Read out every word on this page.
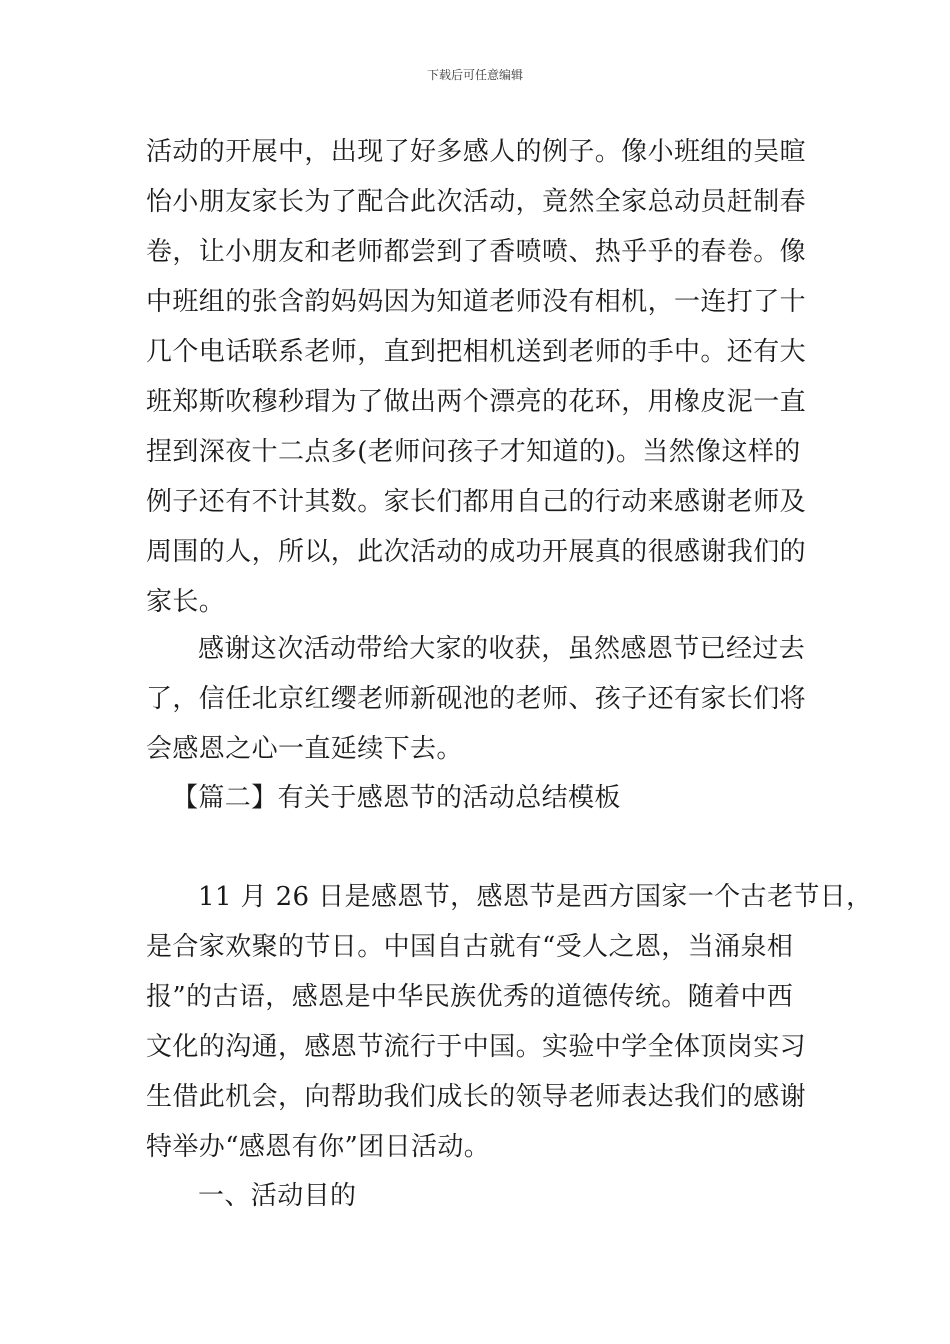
下载后可任意编辑
活动的开展中，出现了好多感人的例子。像小班组的吴暄
怡小朋友家长为了配合此次活动，竟然全家总动员赶制春
卷，让小朋友和老师都尝到了香喷喷、热乎乎的春卷。像
中班组的张含韵妈妈因为知道老师没有相机，一连打了十
几个电话联系老师，直到把相机送到老师的手中。还有大
班郑斯吹穆秒瑁为了做出两个漂亮的花环，用橡皮泥一直
捏到深夜十二点多(老师问孩子才知道的)。当然像这样的
例子还有不计其数。家长们都用自己的行动来感谢老师及
周围的人，所以，此次活动的成功开展真的很感谢我们的
家长。
感谢这次活动带给大家的收获，虽然感恩节已经过去
了，信任北京红缨老师新砚池的老师、孩子还有家长们将
会感恩之心一直延续下去。
【篇二】有关于感恩节的活动总结模板
11 月 26 日是感恩节，感恩节是西方国家一个古老节日，
是合家欢聚的节日。中国自古就有“受人之恩，当涌泉相
报”的古语，感恩是中华民族优秀的道德传统。随着中西
文化的沟通，感恩节流行于中国。实验中学全体顶岗实习
生借此机会，向帮助我们成长的领导老师表达我们的感谢
特举办“感恩有你”团日活动。
一、活动目的
